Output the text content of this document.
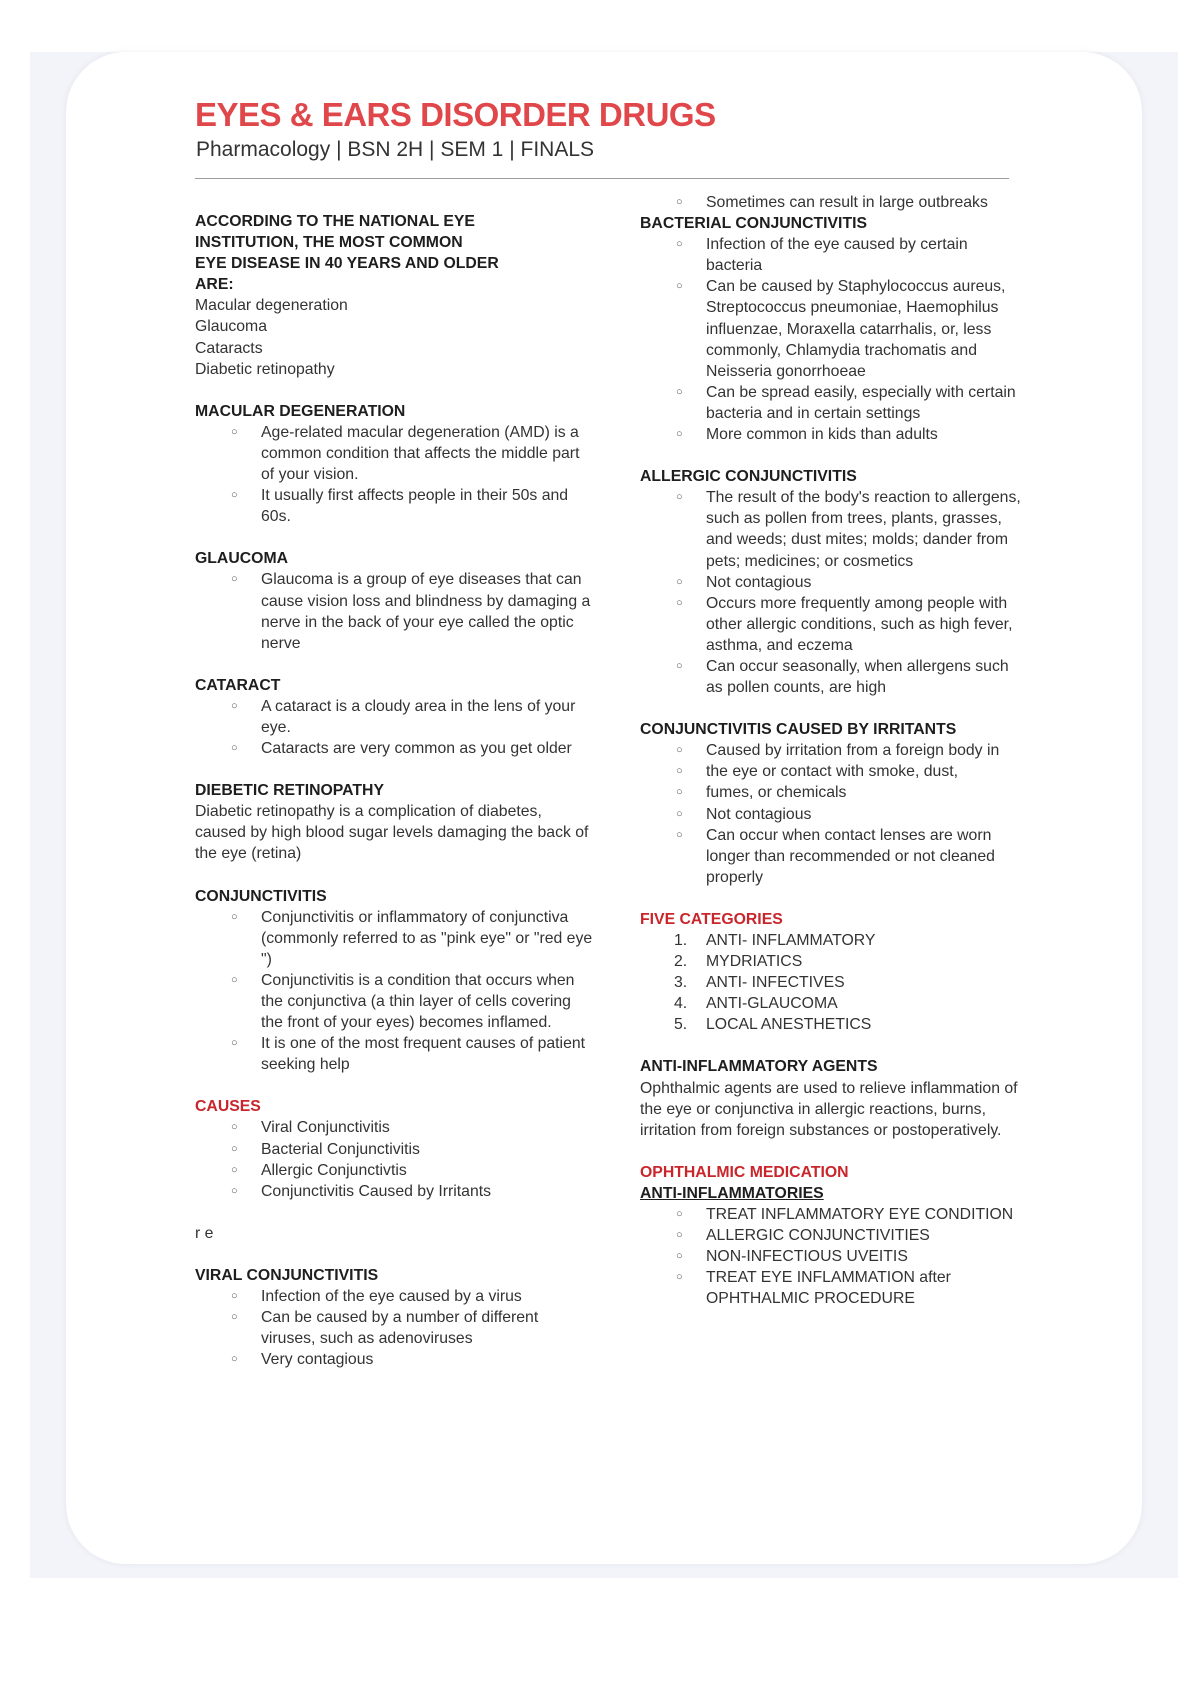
EYES & EARS DISORDER DRUGS
Pharmacology | BSN 2H | SEM 1 | FINALS
ACCORDING TO THE NATIONAL EYE
INSTITUTION, THE MOST COMMON
EYE DISEASE IN 40 YEARS AND OLDER
ARE:
Macular degeneration
Glaucoma
Cataracts
Diabetic retinopathy
MACULAR DEGENERATION
○ Age-related macular degeneration (AMD) is a common condition that affects the middle part of your vision.
○ It usually first affects people in their 50s and 60s.
GLAUCOMA
○ Glaucoma is a group of eye diseases that can cause vision loss and blindness by damaging a nerve in the back of your eye called the optic nerve
CATARACT
○ A cataract is a cloudy area in the lens of your eye.
○ Cataracts are very common as you get older
DIEBETIC RETINOPATHY
Diabetic retinopathy is a complication of diabetes, caused by high blood sugar levels damaging the back of the eye (retina)
CONJUNCTIVITIS
○ Conjunctivitis or inflammatory of conjunctiva (commonly referred to as "pink eye" or "red eye ")
○ Conjunctivitis is a condition that occurs when the conjunctiva (a thin layer of cells covering the front of your eyes) becomes inflamed.
○ It is one of the most frequent causes of patient seeking help
CAUSES
○ Viral Conjunctivitis
○ Bacterial Conjunctivitis
○ Allergic Conjunctivtis
○ Conjunctivitis Caused by Irritants
r e
VIRAL CONJUNCTIVITIS
○ Infection of the eye caused by a virus
○ Can be caused by a number of different viruses, such as adenoviruses
○ Very contagious
○ Sometimes can result in large outbreaks
BACTERIAL CONJUNCTIVITIS
○ Infection of the eye caused by certain bacteria
○ Can be caused by Staphylococcus aureus, Streptococcus pneumoniae, Haemophilus influenzae, Moraxella catarrhalis, or, less commonly, Chlamydia trachomatis and Neisseria gonorrhoeae
○ Can be spread easily, especially with certain bacteria and in certain settings
○ More common in kids than adults
ALLERGIC CONJUNCTIVITIS
○ The result of the body's reaction to allergens, such as pollen from trees, plants, grasses, and weeds; dust mites; molds; dander from pets; medicines; or cosmetics
○ Not contagious
○ Occurs more frequently among people with other allergic conditions, such as high fever, asthma, and eczema
○ Can occur seasonally, when allergens such as pollen counts, are high
CONJUNCTIVITIS CAUSED BY IRRITANTS
○ Caused by irritation from a foreign body in
○ the eye or contact with smoke, dust,
○ fumes, or chemicals
○ Not contagious
○ Can occur when contact lenses are worn longer than recommended or not cleaned properly
FIVE CATEGORIES
1. ANTI- INFLAMMATORY
2. MYDRIATICS
3. ANTI- INFECTIVES
4. ANTI-GLAUCOMA
5. LOCAL ANESTHETICS
ANTI-INFLAMMATORY AGENTS
Ophthalmic agents are used to relieve inflammation of the eye or conjunctiva in allergic reactions, burns, irritation from foreign substances or postoperatively.
OPHTHALMIC MEDICATION
ANTI-INFLAMMATORIES
○ TREAT INFLAMMATORY EYE CONDITION
○ ALLERGIC CONJUNCTIVITIES
○ NON-INFECTIOUS UVEITIS
○ TREAT EYE INFLAMMATION after OPHTHALMIC PROCEDURE
